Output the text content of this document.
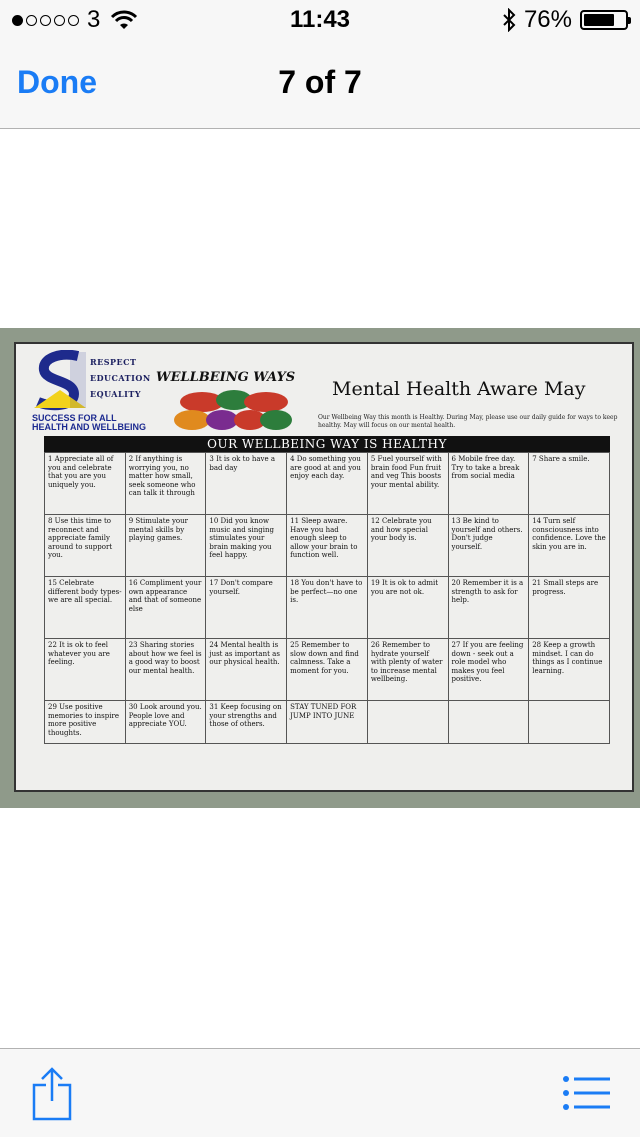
3	11:43	76%
Done	7 of 7
RESPECT
EDUCATION
EQUALITY
SUCCESS FOR ALL
HEALTH AND WELLBEING
WELLBEING WAYS
Mental Health Aware May
Our Wellbeing Way this month is Healthy. During May, please use our daily guide for ways to keep healthy. May will focus on our mental health.
OUR WELLBEING WAY IS HEALTHY
1 Appreciate all of you and celebrate that you are you uniquely you.	2 If anything is worrying you, no matter how small, seek someone who can talk it through	3 It is ok to have a bad day	4 Do something you are good at and you enjoy each day.	5 Fuel yourself with brain food Fun fruit and veg This boosts your mental ability.	6 Mobile free day. Try to take a break from social media	7 Share a smile.
8 Use this time to reconnect and appreciate family around to support you.	9 Stimulate your mental skills by playing games.	10 Did you know music and singing stimulates your brain making you feel happy.	11 Sleep aware. Have you had enough sleep to allow your brain to function well.	12 Celebrate you and how special your body is.	13 Be kind to yourself and others. Don't judge yourself.	14 Turn self consciousness into confidence. Love the skin you are in.
15 Celebrate different body types- we are all special.	16 Compliment your own appearance and that of someone else	17 Don't compare yourself.	18 You don't have to be perfect—no one is.	19 It is ok to admit you are not ok.	20 Remember it is a strength to ask for help.	21 Small steps are progress.
22 It is ok to feel whatever you are feeling.	23 Sharing stories about how we feel is a good way to boost our mental health.	24 Mental health is just as important as our physical health.	25 Remember to slow down and find calmness. Take a moment for you.	26 Remember to hydrate yourself with plenty of water to increase mental wellbeing.	27 If you are feeling down - seek out a role model who makes you feel positive.	28 Keep a growth mindset. I can do things as I continue learning.
29 Use positive memories to inspire more positive thoughts.	30 Look around you. People love and appreciate YOU.	31 Keep focusing on your strengths and those of others.	STAY TUNED FOR JUMP INTO JUNE			
